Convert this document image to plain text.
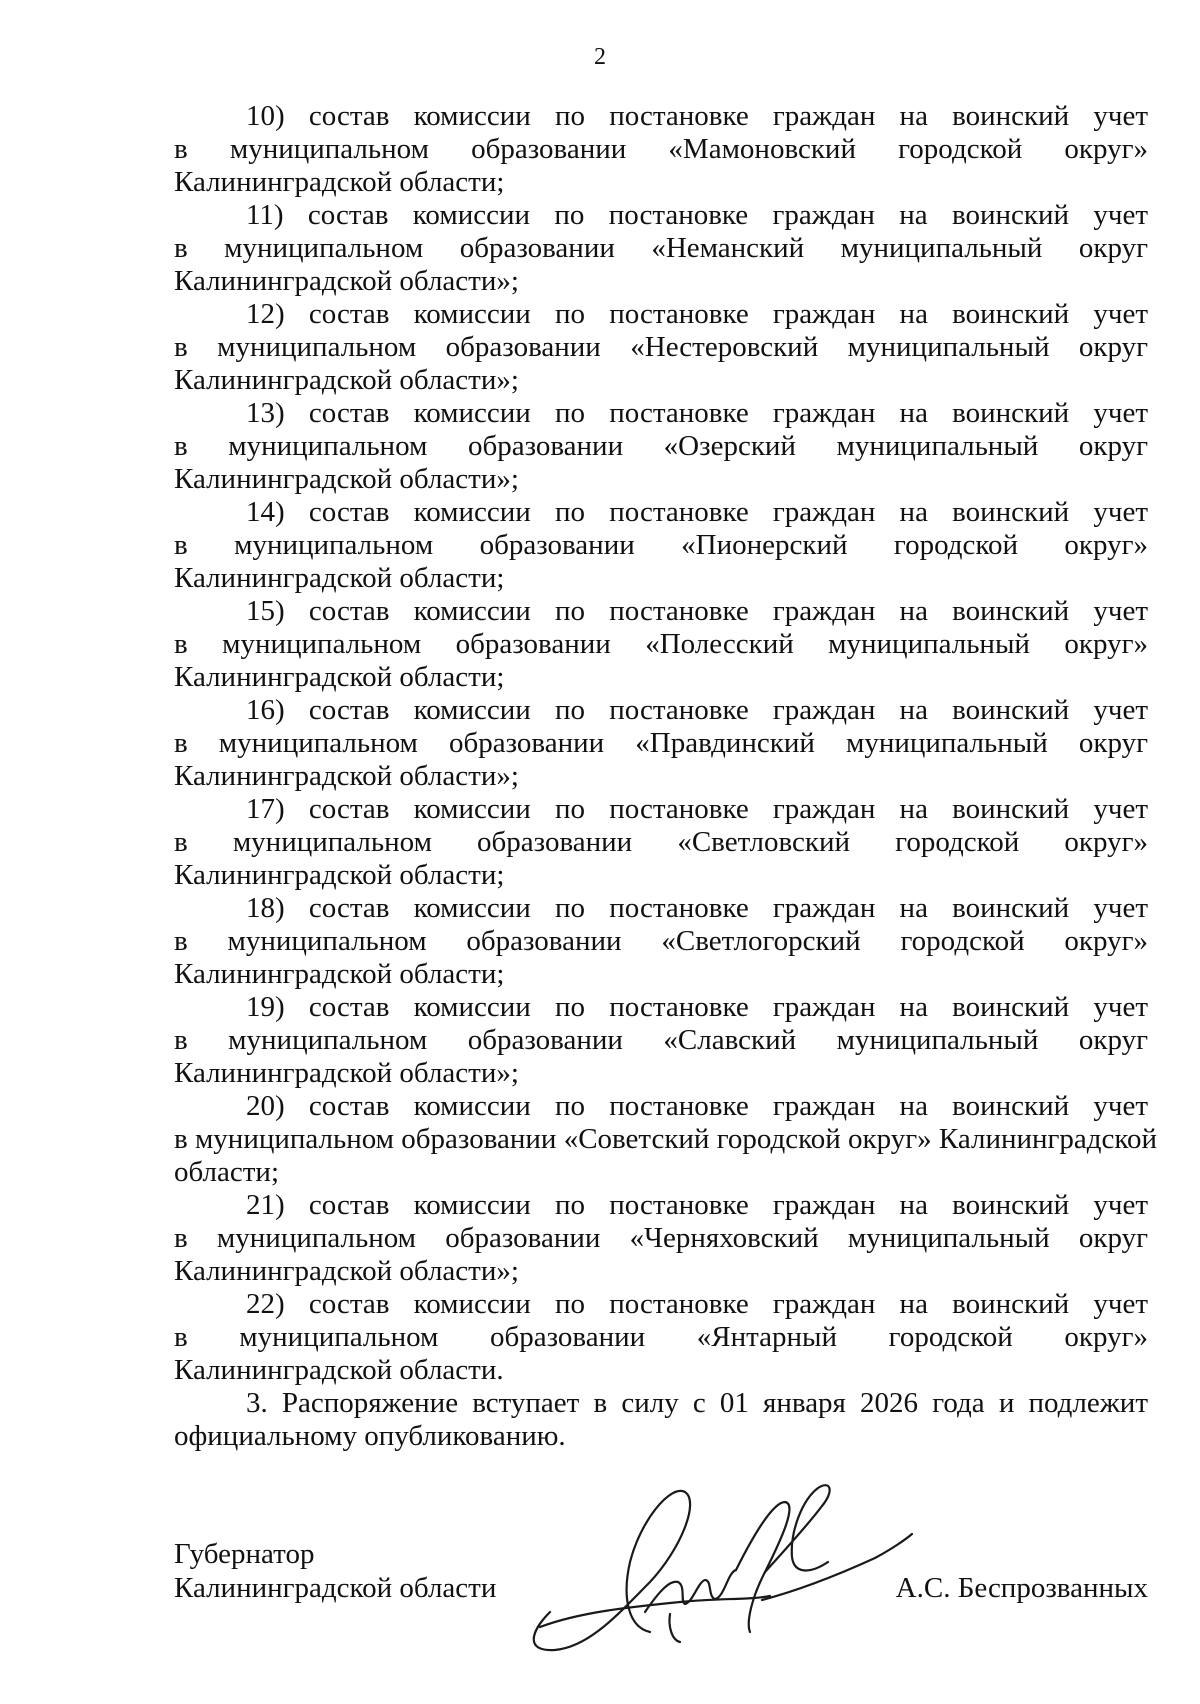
2
10) состав комиссии по постановке граждан на воинский учет
в муниципальном образовании «Мамоновский городской округ»
Калининградской области;
11) состав комиссии по постановке граждан на воинский учет
в муниципальном образовании «Неманский муниципальный округ
Калининградской области»;
12) состав комиссии по постановке граждан на воинский учет
в муниципальном образовании «Нестеровский муниципальный округ
Калининградской области»;
13) состав комиссии по постановке граждан на воинский учет
в муниципальном образовании «Озерский муниципальный округ
Калининградской области»;
14) состав комиссии по постановке граждан на воинский учет
в муниципальном образовании «Пионерский городской округ»
Калининградской области;
15) состав комиссии по постановке граждан на воинский учет
в муниципальном образовании «Полесский муниципальный округ»
Калининградской области;
16) состав комиссии по постановке граждан на воинский учет
в муниципальном образовании «Правдинский муниципальный округ
Калининградской области»;
17) состав комиссии по постановке граждан на воинский учет
в муниципальном образовании «Светловский городской округ»
Калининградской области;
18) состав комиссии по постановке граждан на воинский учет
в муниципальном образовании «Светлогорский городской округ»
Калининградской области;
19) состав комиссии по постановке граждан на воинский учет
в муниципальном образовании «Славский муниципальный округ
Калининградской области»;
20) состав комиссии по постановке граждан на воинский учет
в муниципальном образовании «Советский городской округ» Калининградской
области;
21) состав комиссии по постановке граждан на воинский учет
в муниципальном образовании «Черняховский муниципальный округ
Калининградской области»;
22) состав комиссии по постановке граждан на воинский учет
в муниципальном образовании «Янтарный городской округ»
Калининградской области.
3. Распоряжение вступает в силу с 01 января 2026 года и подлежит
официальному опубликованию.
Губернатор
Калининградской области	А.С. Беспрозванных
